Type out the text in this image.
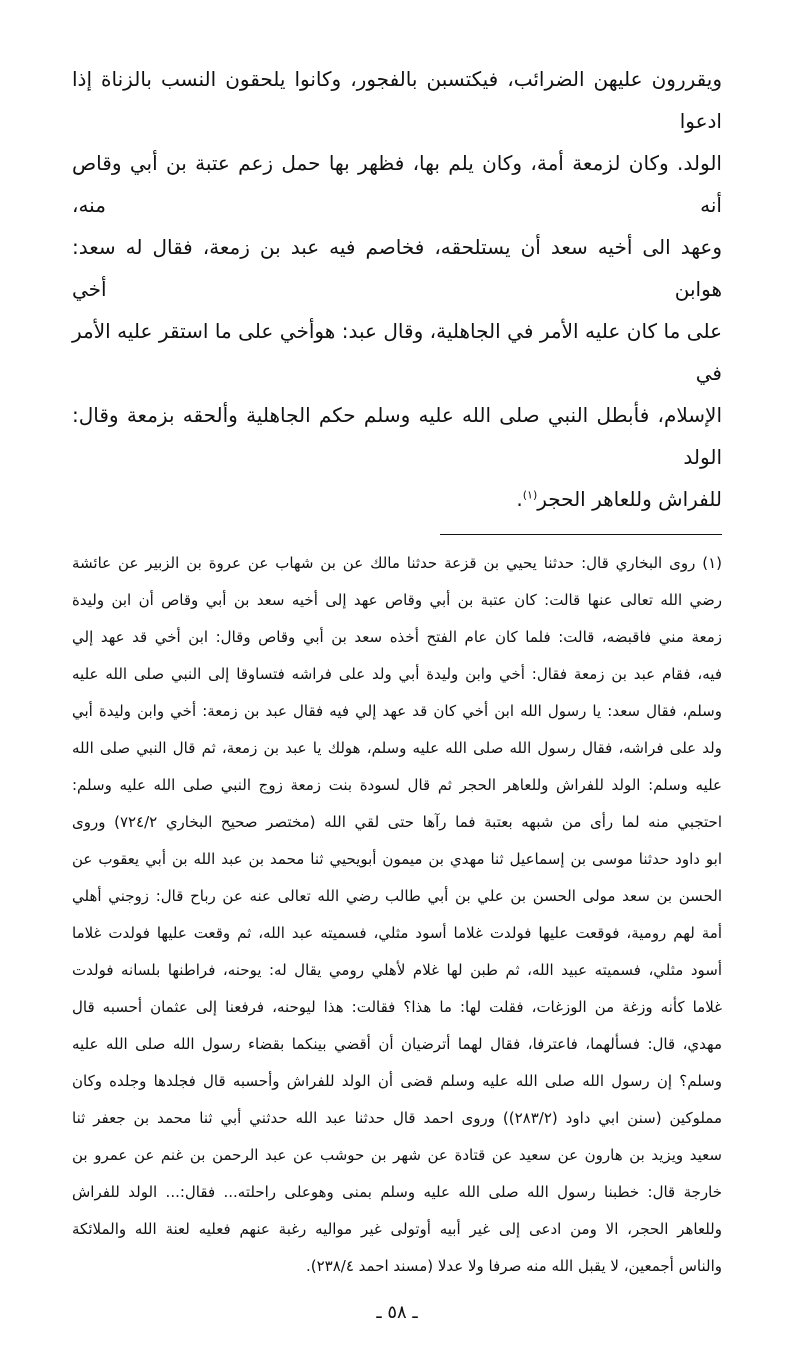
ويقررون عليهن الضرائب، فيكتسبن بالفجور، وكانوا يلحقون النسب بالزناة إذا ادعوا
الولد. وكان لزمعة أمة، وكان يلم بها، فظهر بها حمل زعم عتبة بن أبي وقاص أنه منه،
وعهد الى أخيه سعد أن يستلحقه، فخاصم فيه عبد بن زمعة، فقال له سعد: هوابن أخي
على ما كان عليه الأمر في الجاهلية، وقال عبد: هوأخي على ما استقر عليه الأمر في
الإسلام، فأبطل النبي صلى الله عليه وسلم حكم الجاهلية وألحقه بزمعة وقال: الولد
للفراش وللعاهر الحجر$^{(١)}$.
(١) روى البخاري قال: حدثنا يحيي بن قزعة حدثنا مالك عن بن شهاب عن عروة بن الزبير عن عائشة
رضي الله تعالى عنها قالت: كان عتبة بن أبي وقاص عهد إلى أخيه سعد بن أبي وقاص أن ابن وليدة
زمعة مني فاقبضه، قالت: فلما كان عام الفتح أخذه سعد بن أبي وقاص وقال: ابن أخي قد عهد إلي
فيه، فقام عبد بن زمعة فقال: أخي وابن وليدة أبي ولد على فراشه فتساوقا إلى النبي صلى الله عليه
وسلم، فقال سعد: يا رسول الله ابن أخي كان قد عهد إلي فيه فقال عبد بن زمعة: أخي وابن وليدة أبي
ولد على فراشه، فقال رسول الله صلى الله عليه وسلم، هولك يا عبد بن زمعة، ثم قال النبي صلى الله
عليه وسلم: الولد للفراش وللعاهر الحجر ثم قال لسودة بنت زمعة زوج النبي صلى الله عليه وسلم:
احتجبي منه لما رأى من شبهه بعتبة فما رآها حتى لقي الله (مختصر صحيح البخاري ٧٢٤/٢) وروى
ابو داود حدثنا موسى بن إسماعيل ثنا مهدي بن ميمون أبويحيي ثنا محمد بن عبد الله بن أبي يعقوب عن
الحسن بن سعد مولى الحسن بن علي بن أبي طالب رضي الله تعالى عنه عن رباح قال: زوجني أهلي
أمة لهم رومية، فوقعت عليها فولدت غلاما أسود مثلي، فسميته عبد الله، ثم وقعت عليها فولدت غلاما
أسود مثلي، فسميته عبيد الله، ثم طبن لها غلام لأهلي رومي يقال له: يوحنه، فراطنها بلسانه فولدت
غلاما كأنه وزغة من الوزغات، فقلت لها: ما هذا؟ فقالت: هذا ليوحنه، فرفعنا إلى عثمان أحسبه قال
مهدي، قال: فسألهما، فاعترفا، فقال لهما أترضيان أن أقضي بينكما بقضاء رسول الله صلى الله عليه
وسلم؟ إن رسول الله صلى الله عليه وسلم قضى أن الولد للفراش وأحسبه قال فجلدها وجلده وكان
مملوكين (سنن ابي داود (٢٨٣/٢)) وروى احمد قال حدثنا عبد الله حدثني أبي ثنا محمد بن جعفر ثنا
سعيد ويزيد بن هارون عن سعيد عن قتادة عن شهر بن حوشب عن عبد الرحمن بن غنم عن عمرو بن
خارجة قال: خطبنا رسول الله صلى الله عليه وسلم بمنى وهوعلى راحلته... فقال:... الولد للفراش
وللعاهر الحجر، الا ومن ادعى إلى غير أبيه أوتولى غير مواليه رغبة عنهم فعليه لعنة الله والملائكة
والناس أجمعين، لا يقبل الله منه صرفا ولا عدلا (مسند احمد ٢٣٨/٤).
ـ ٥٨ ـ
